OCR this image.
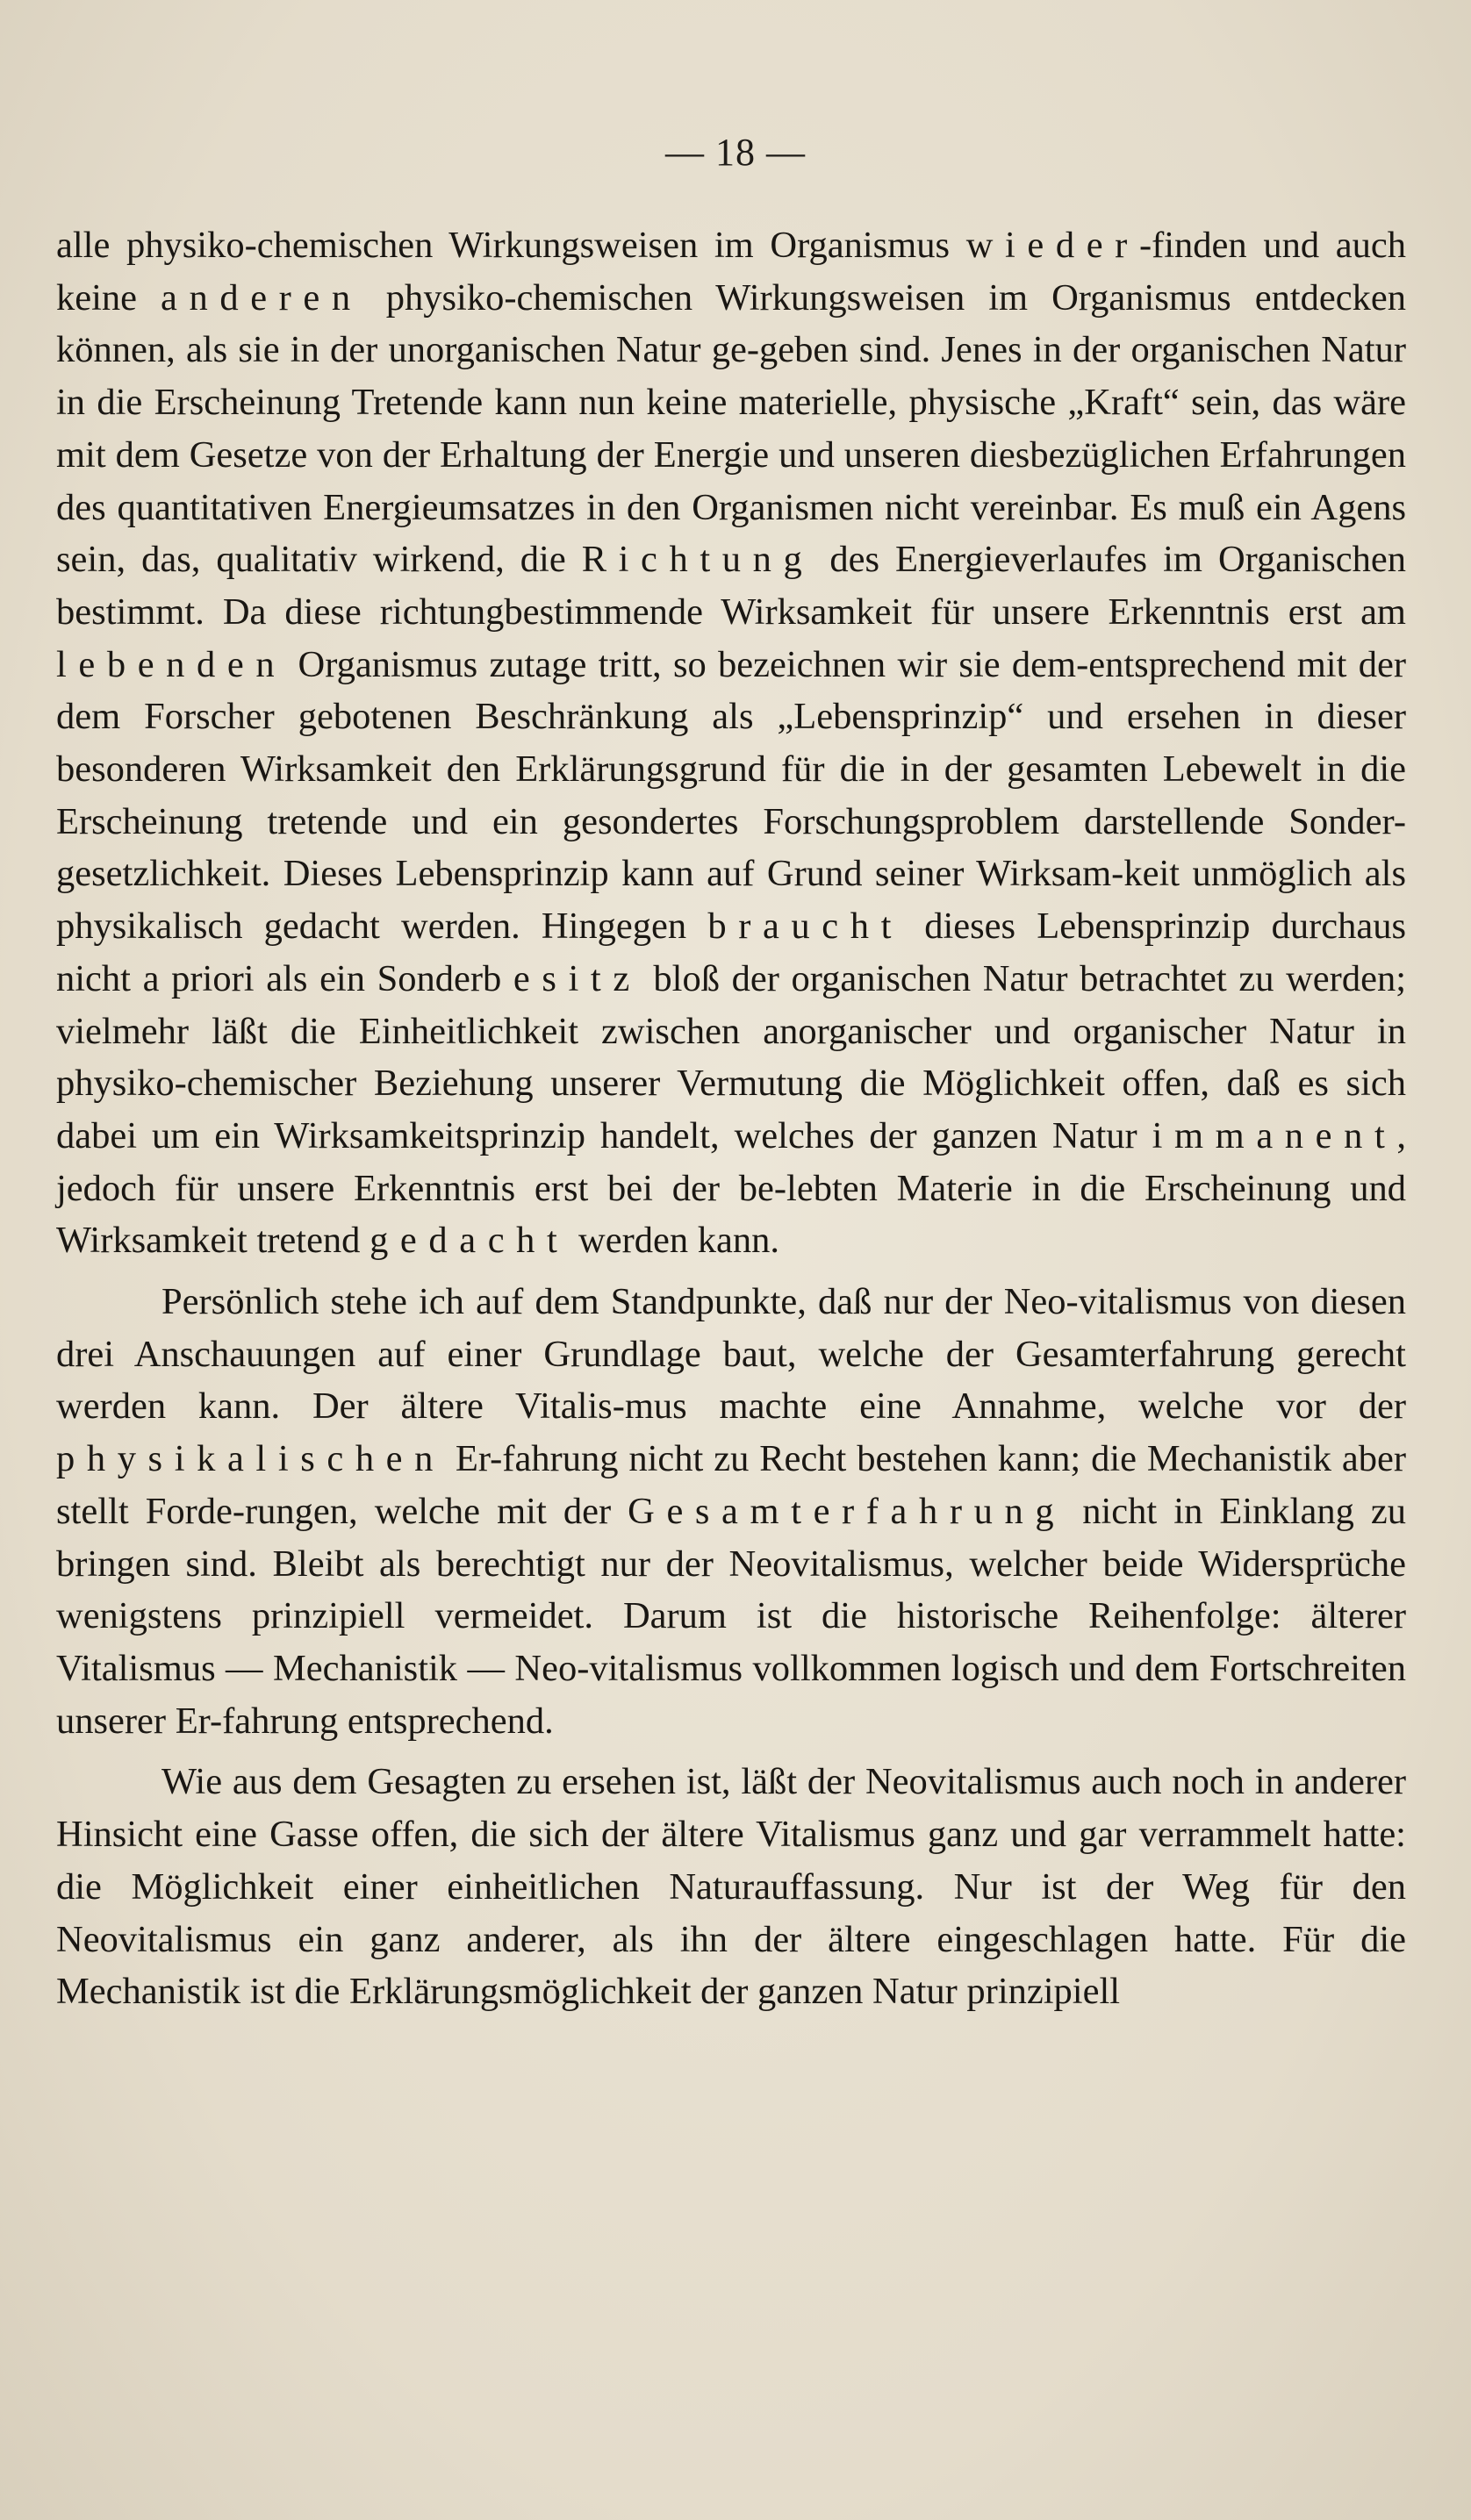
— 18 —

alle physiko-chemischen Wirkungsweisen im Organismus wieder-finden und auch keine anderen physiko-chemischen Wirkungsweisen im Organismus entdecken können, als sie in der unorganischen Natur ge-geben sind. Jenes in der organischen Natur in die Erscheinung Tretende kann nun keine materielle, physische „Kraft“ sein, das wäre mit dem Gesetze von der Erhaltung der Energie und unseren diesbezüglichen Erfahrungen des quantitativen Energieumsatzes in den Organismen nicht vereinbar. Es muß ein Agens sein, das, qualitativ wirkend, die Richtung des Energieverlaufes im Organischen bestimmt. Da diese richtungbestimmende Wirksamkeit für unsere Erkenntnis erst am lebenden Organismus zutage tritt, so bezeichnen wir sie dem-entsprechend mit der dem Forscher gebotenen Beschränkung als „Lebensprinzip“ und ersehen in dieser besonderen Wirksamkeit den Erklärungsgrund für die in der gesamten Lebewelt in die Erscheinung tretende und ein gesondertes Forschungsproblem darstellende Sonder-gesetzlichkeit. Dieses Lebensprinzip kann auf Grund seiner Wirksam-keit unmöglich als physikalisch gedacht werden. Hingegen braucht dieses Lebensprinzip durchaus nicht a priori als ein Sonderbesitz bloß der organischen Natur betrachtet zu werden; vielmehr läßt die Einheitlichkeit zwischen anorganischer und organischer Natur in physiko-chemischer Beziehung unserer Vermutung die Möglichkeit offen, daß es sich dabei um ein Wirksamkeitsprinzip handelt, welches der ganzen Natur immanent, jedoch für unsere Erkenntnis erst bei der be-lebten Materie in die Erscheinung und Wirksamkeit tretend gedacht werden kann.

Persönlich stehe ich auf dem Standpunkte, daß nur der Neo-vitalismus von diesen drei Anschauungen auf einer Grundlage baut, welche der Gesamterfahrung gerecht werden kann. Der ältere Vitalis-mus machte eine Annahme, welche vor der physikalischen Er-fahrung nicht zu Recht bestehen kann; die Mechanistik aber stellt Forde-rungen, welche mit der Gesamterfahrung nicht in Einklang zu bringen sind. Bleibt als berechtigt nur der Neovitalismus, welcher beide Widersprüche wenigstens prinzipiell vermeidet. Darum ist die historische Reihenfolge: älterer Vitalismus — Mechanistik — Neo-vitalismus vollkommen logisch und dem Fortschreiten unserer Er-fahrung entsprechend.

Wie aus dem Gesagten zu ersehen ist, läßt der Neovitalismus auch noch in anderer Hinsicht eine Gasse offen, die sich der ältere Vitalismus ganz und gar verrammelt hatte: die Möglichkeit einer einheitlichen Naturauffassung. Nur ist der Weg für den Neovitalismus ein ganz anderer, als ihn der ältere eingeschlagen hatte. Für die Mechanistik ist die Erklärungsmöglichkeit der ganzen Natur prinzipiell
